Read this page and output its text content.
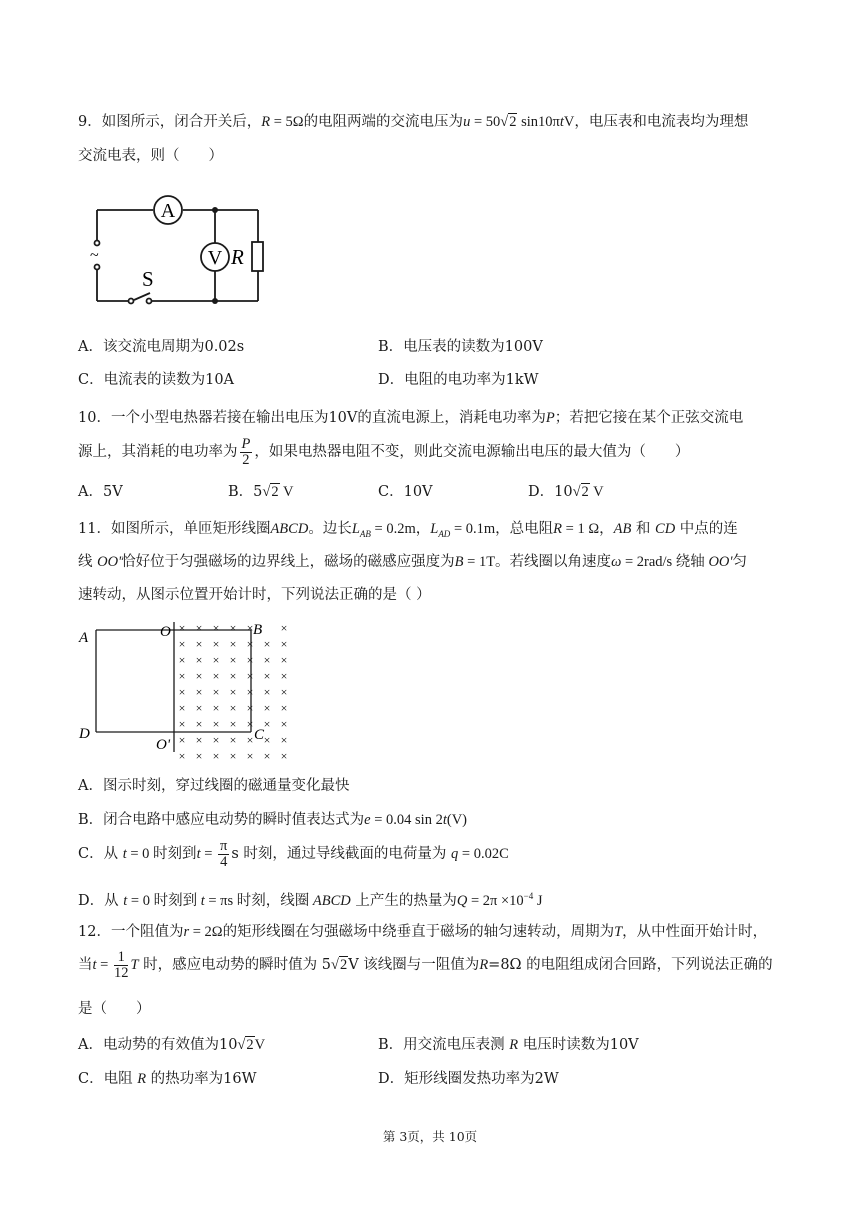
9．如图所示，闭合开关后，R = 5Ω的电阻两端的交流电压为u = 50√2 sin10πtV，电压表和电流表均为理想
交流电表，则（　　）
A
V R
S
~
A．该交流电周期为0.02s	B．电压表的读数为100V
C．电流表的读数为10A	D．电阻的电功率为1kW
10．一个小型电热器若接在输出电压为10V的直流电源上，消耗电功率为P；若把它接在某个正弦交流电
源上，其消耗的电功率为 $\frac{P}{2}$ ，如果电热器电阻不变，则此交流电源输出电压的最大值为（　　）
A．5V	B．5√2 V	C．10V	D．10√2 V
11．如图所示，单匝矩形线圈ABCD。边长$L_{AB} = 0.2m$，$L_{AD} = 0.1m$，总电阻R = 1 Ω，AB 和 CD 中点的连
线 OO'恰好位于匀强磁场的边界线上，磁场的磁感应强度为B = 1T。若线圈以角速度ω = 2rad/s 绕轴 OO'匀
速转动，从图示位置开始计时，下列说法正确的是（ ）
× × × × × ×
× × × × × × ×
× × × × × × ×
× × × × × × ×
× × × × × × ×
× × × × × × ×
× × × × × × ×
× × × × × × ×
× × × × × × ×
A
D
O
O'
B
C
A．图示时刻，穿过线圈的磁通量变化最快
B．闭合电路中感应电动势的瞬时值表达式为e = 0.04 sin 2t(V)
C．从 t = 0 时刻到$t = \frac{\pi}{4}$ s 时刻，通过导线截面的电荷量为 q = 0.02C
D．从 t = 0 时刻到 t = πs 时刻，线圈 ABCD 上产生的热量为$Q = 2\pi \times 10^{-4}$ J
12．一个阻值为r = 2Ω的矩形线圈在匀强磁场中绕垂直于磁场的轴匀速转动，周期为T，从中性面开始计时，
当$t = \frac{1}{12}$ T 时，感应电动势的瞬时值为 5√2V 该线圈与一阻值为R=8Ω 的电阻组成闭合回路，下列说法正确的
是（　　）
A．电动势的有效值为10√2V	B．用交流电压表测 R 电压时读数为10V
C．电阻 R 的热功率为16W	D．矩形线圈发热功率为2W
第 3页，共 10页
